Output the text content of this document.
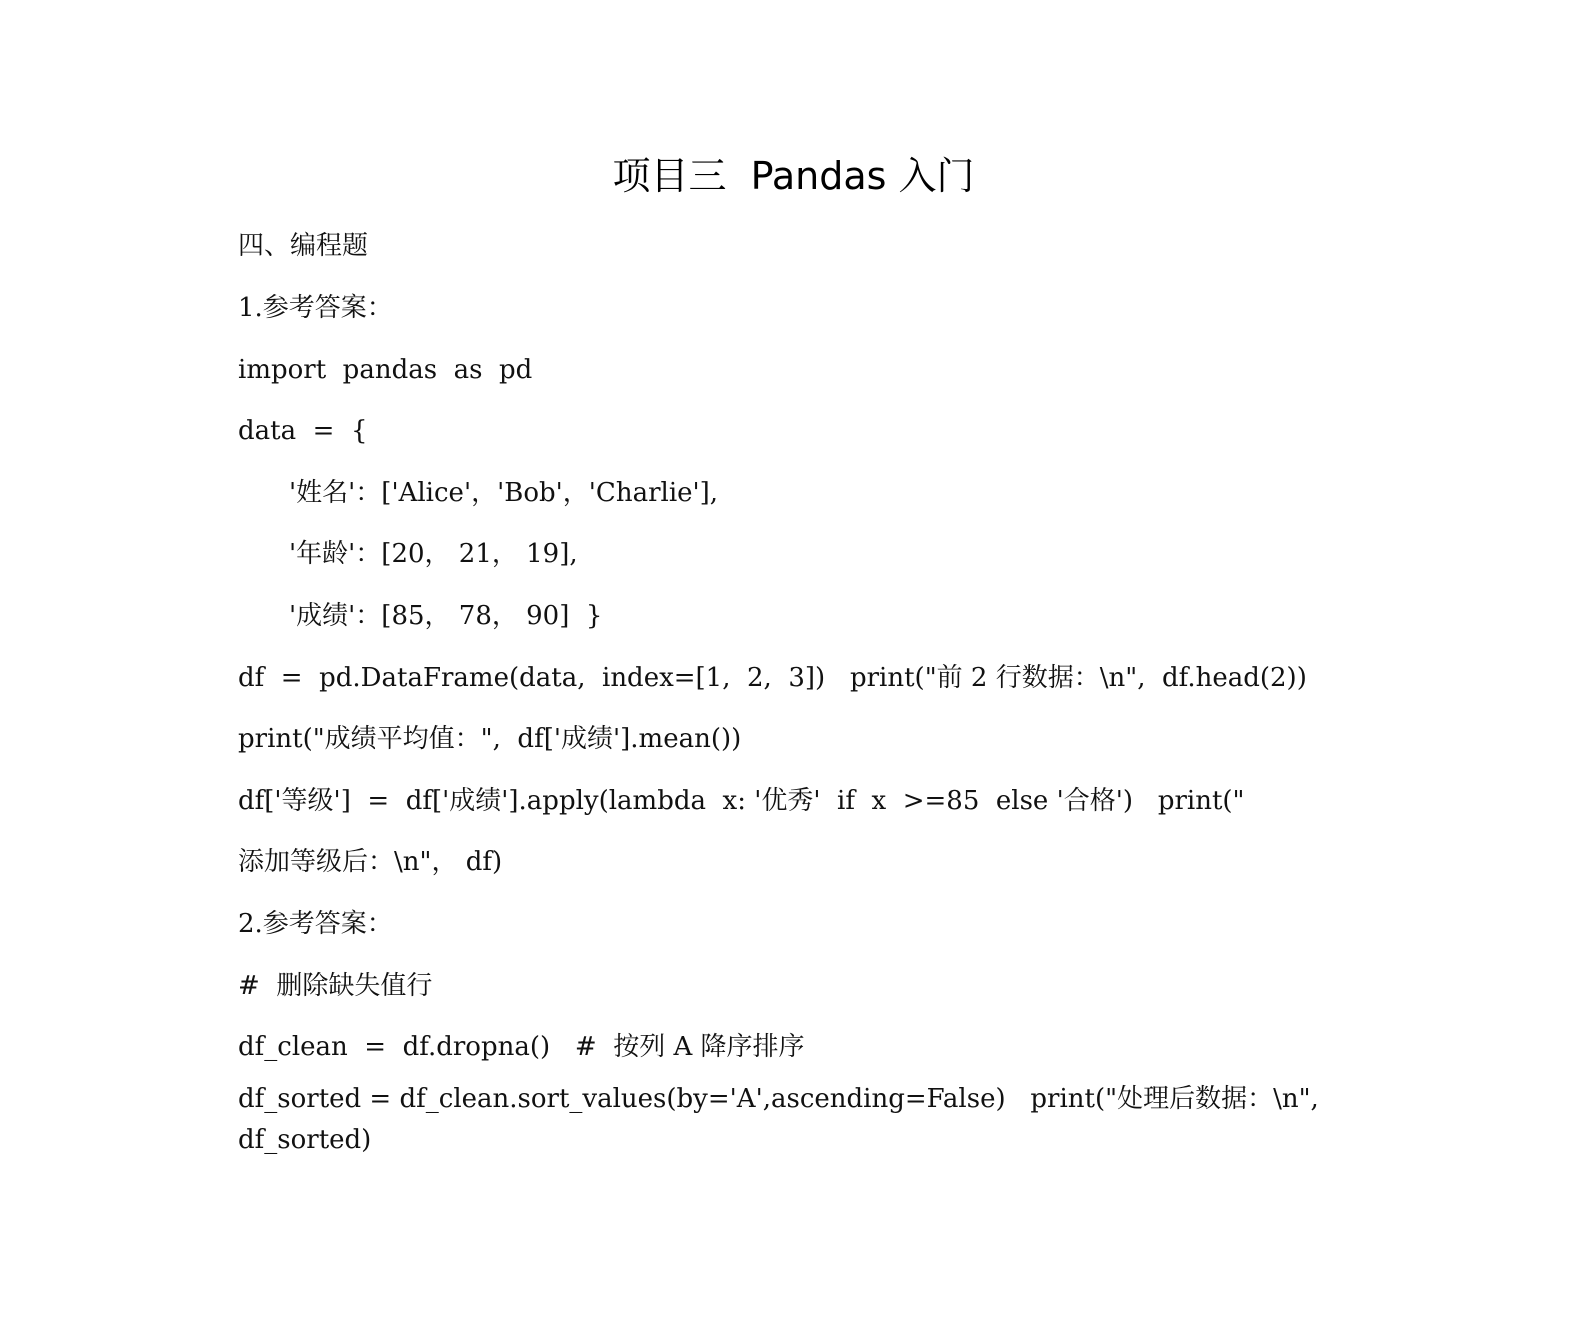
项目三  Pandas 入门
四、编程题
1.参考答案：
import  pandas  as  pd
data  =  {
'姓名'：['Alice'，'Bob'，'Charlie'],
'年龄'：[20， 21， 19],
'成绩'：[85， 78， 90]  }
df  =  pd.DataFrame(data,  index=[1,  2,  3])   print("前 2 行数据：\n",  df.head(2))
print("成绩平均值：",  df['成绩'].mean())
df['等级']  =  df['成绩'].apply(lambda  x: '优秀'  if  x  >=85  else '合格')   print("
添加等级后：\n"， df)
2.参考答案：
#  删除缺失值行
df_clean  =  df.dropna()   #  按列 A 降序排序
df_sorted = df_clean.sort_values(by='A',ascending=False)   print("处理后数据：\n",
df_sorted)
